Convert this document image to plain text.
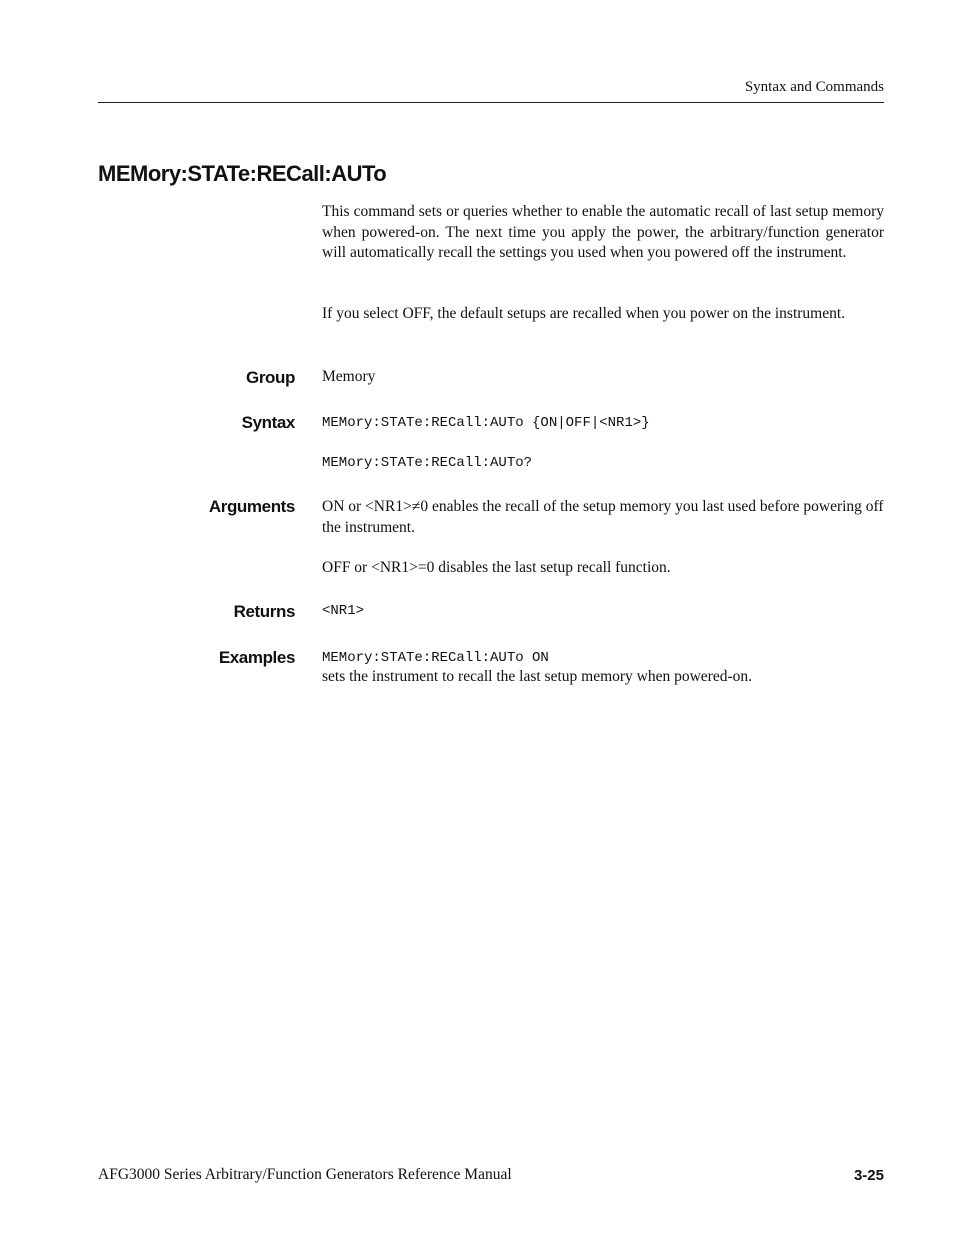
Syntax and Commands
MEMory:STATe:RECall:AUTo

This command sets or queries whether to enable the automatic recall of last setup memory when powered-on. The next time you apply the power, the arbitrary/function generator will automatically recall the settings you used when you powered off the instrument.

If you select OFF, the default setups are recalled when you power on the instrument.

Group Memory
Syntax MEMory:STATe:RECall:AUTo {ON|OFF|<NR1>}
MEMory:STATe:RECall:AUTo?
Arguments ON or <NR1>≠0 enables the recall of the setup memory you last used before powering off the instrument.

OFF or <NR1>=0 disables the last setup recall function.
Returns <NR1>
Examples MEMory:STATe:RECall:AUTo ON
sets the instrument to recall the last setup memory when powered-on.
AFG3000 Series Arbitrary/Function Generators Reference Manual	3-25
